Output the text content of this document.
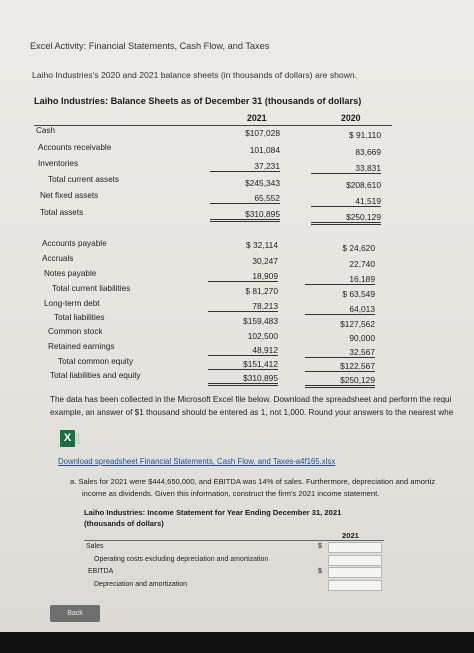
Excel Activity: Financial Statements, Cash Flow, and Taxes
Laiho Industries's 2020 and 2021 balance sheets (in thousands of dollars) are shown.
Laiho Industries: Balance Sheets as of December 31 (thousands of dollars)
2021	2020
Cash	$107,028	$ 91,110
Accounts receivable	101,084	83,669
Inventories	37,231	33,831
Total current assets	$245,343	$208,610
Net fixed assets	65,552	41,519
Total assets	$310,895	$250,129
Accounts payable	$ 32,114	$ 24,620
Accruals	30,247	22,740
Notes payable	18,909	16,189
Total current liabilities	$ 81,270	$ 63,549
Long-term debt	78,213	64,013
Total liabilities	$159,483	$127,562
Common stock	102,500	90,000
Retained earnings	48,912	32,567
Total common equity	$151,412	$122,567
Total liabilities and equity	$310,895	$250,129
The data has been collected in the Microsoft Excel file below. Download the spreadsheet and perform the requi
example, an answer of $1 thousand should be entered as 1, not 1,000. Round your answers to the nearest whe
X
Download spreadsheet Financial Statements, Cash Flow, and Taxes-a4f165.xlsx
a. Sales for 2021 were $444,650,000, and EBITDA was 14% of sales. Furthermore, depreciation and amortiz
income as dividends. Given this information, construct the firm's 2021 income statement.
Laiho Industries: Income Statement for Year Ending December 31, 2021
(thousands of dollars)
2021
Sales	$
Operating costs excluding depreciation and amortization
EBITDA	$
Depreciation and amortization
Back
